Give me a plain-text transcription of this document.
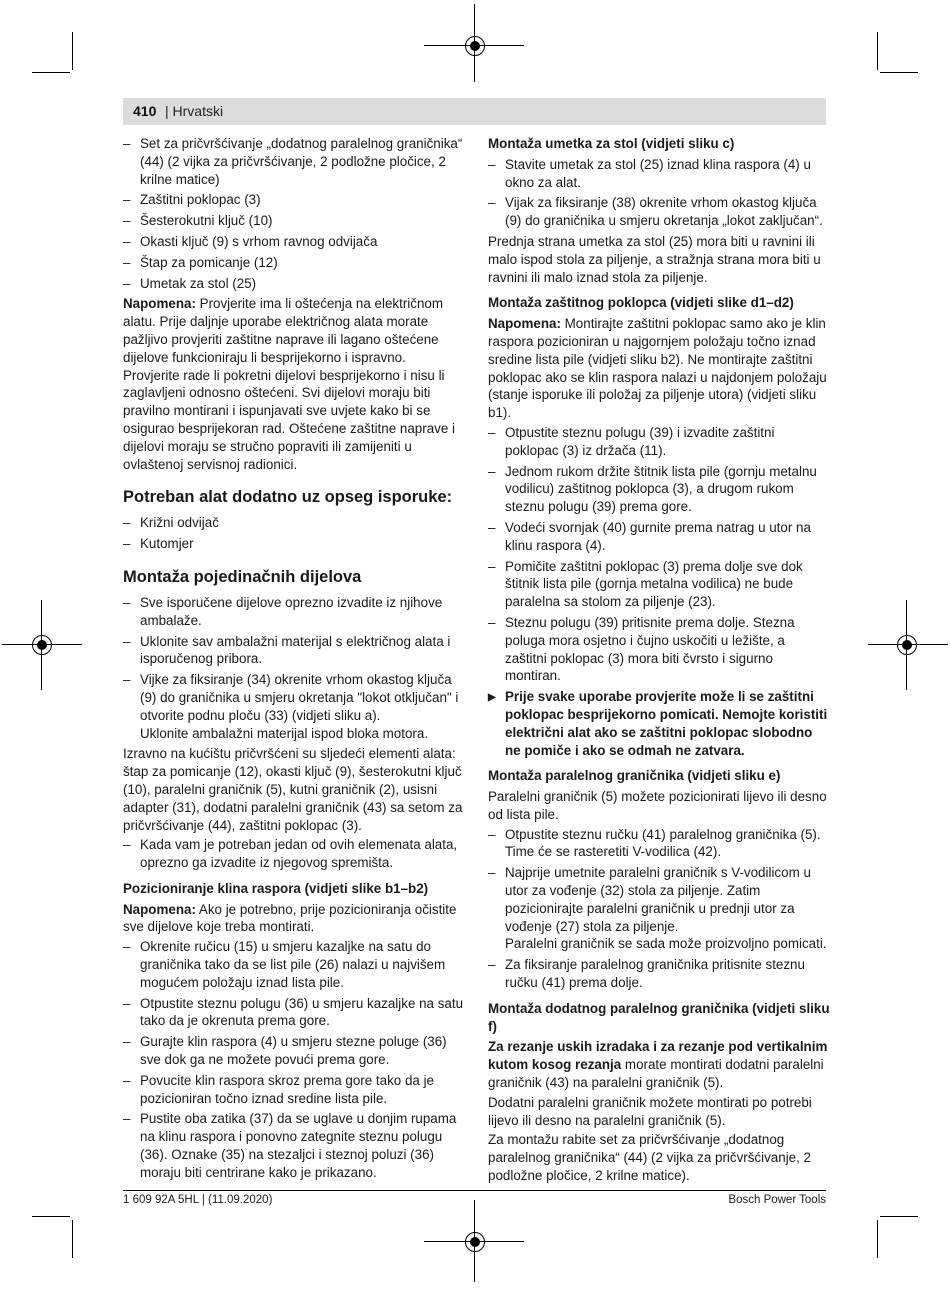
410 | Hrvatski
– Set za pričvršćivanje „dodatnog paralelnog graničnika“ (44) (2 vijka za pričvršćivanje, 2 podložne pločice, 2 krilne matice)
– Zaštitni poklopac (3)
– Šesterokutni ključ (10)
– Okasti ključ (9) s vrhom ravnog odvijača
– Štap za pomicanje (12)
– Umetak za stol (25)

Napomena: Provjerite ima li oštećenja na električnom alatu. Prije daljnje uporabe električnog alata morate pažljivo provjeriti zaštitne naprave ili lagano oštećene dijelove funkcioniraju li besprijekorno i ispravno. Provjerite rade li pokretni dijelovi besprijekorno i nisu li zaglavljeni odnosno oštećeni. Svi dijelovi moraju biti pravilno montirani i ispunjavati sve uvjete kako bi se osigurao besprijekoran rad. Oštećene zaštitne naprave i dijelovi moraju se stručno popraviti ili zamijeniti u ovlaštenoj servisnoj radionici.

Potreban alat dodatno uz opseg isporuke:
– Križni odvijač
– Kutomjer
Montaža pojedinačnih dijelova
– Sve isporučene dijelove oprezno izvadite iz njihove ambalaže.
– Uklonite sav ambalažni materijal s električnog alata i isporučenog pribora.
– Vijke za fiksiranje (34) okrenite vrhom okastog ključa (9) do graničnika u smjeru okretanja "lokot otključan" i otvorite podnu ploču (33) (vidjeti sliku a).
Uklonite ambalažni materijal ispod bloka motora.

Izravno na kućištu pričvršćeni su sljedeći elementi alata: štap za pomicanje (12), okasti ključ (9), šesterokutni ključ (10), paralelni graničnik (5), kutni graničnik (2), usisni adapter (31), dodatni paralelni graničnik (43) sa setom za pričvršćivanje (44), zaštitni poklopac (3).

– Kada vam je potreban jedan od ovih elemenata alata, oprezno ga izvadite iz njegovog spremišta.
Pozicioniranje klina raspora (vidjeti slike b1–b2)

Napomena: Ako je potrebno, prije pozicioniranja očistite sve dijelove koje treba montirati.

– Okrenite ručicu (15) u smjeru kazaljke na satu do graničnika tako da se list pile (26) nalazi u najvišem mogućem položaju iznad lista pile.
– Otpustite steznu polugu (36) u smjeru kazaljke na satu tako da je okrenuta prema gore.
– Gurajte klin raspora (4) u smjeru stezne poluge (36) sve dok ga ne možete povući prema gore.
– Povucite klin raspora skroz prema gore tako da je pozicioniran točno iznad sredine lista pile.
– Pustite oba zatika (37) da se uglave u donjim rupama na klinu raspora i ponovno zategnite steznu polugu (36). Oznake (35) na stezaljci i steznoj poluzi (36) moraju biti centrirane kako je prikazano.
Montaža umetka za stol (vidjeti sliku c)
– Stavite umetak za stol (25) iznad klina raspora (4) u okno za alat.
– Vijak za fiksiranje (38) okrenite vrhom okastog ključa (9) do graničnika u smjeru okretanja „lokot zaključan“.

Prednja strana umetka za stol (25) mora biti u ravnini ili malo ispod stola za piljenje, a stražnja strana mora biti u ravnini ili malo iznad stola za piljenje.

Montaža zaštitnog poklopca (vidjeti slike d1–d2)

Napomena: Montirajte zaštitni poklopac samo ako je klin raspora pozicioniran u najgornjem položaju točno iznad sredine lista pile (vidjeti sliku b2). Ne montirajte zaštitni poklopac ako se klin raspora nalazi u najdonjem položaju (stanje isporuke ili položaj za piljenje utora) (vidjeti sliku b1).

– Otpustite steznu polugu (39) i izvadite zaštitni poklopac (3) iz držača (11).
– Jednom rukom držite štitnik lista pile (gornju metalnu vodilicu) zaštitnog poklopca (3), a drugom rukom steznu polugu (39) prema gore.
– Vodeći svornjak (40) gurnite prema natrag u utor na klinu raspora (4).
– Pomičite zaštitni poklopac (3) prema dolje sve dok štitnik lista pile (gornja metalna vodilica) ne bude paralelna sa stolom za piljenje (23).
– Steznu polugu (39) pritisnite prema dolje. Stezna poluga mora osjetno i čujno uskočiti u ležište, a zaštitni poklopac (3) mora biti čvrsto i sigurno montiran.
▶ Prije svake uporabe provjerite može li se zaštitni poklopac besprijekorno pomicati. Nemojte koristiti električni alat ako se zaštitni poklopac slobodno ne pomiče i ako se odmah ne zatvara.
Montaža paralelnog graničnika (vidjeti sliku e)

Paralelni graničnik (5) možete pozicionirati lijevo ili desno od lista pile.

– Otpustite steznu ručku (41) paralelnog graničnika (5). Time će se rasteretiti V-vodilica (42).
– Najprije umetnite paralelni graničnik s V-vodilicom u utor za vođenje (32) stola za piljenje. Zatim pozicionirajte paralelni graničnik u prednji utor za vođenje (27) stola za piljenje.
Paralelni graničnik se sada može proizvoljno pomicati.
– Za fiksiranje paralelnog graničnika pritisnite steznu ručku (41) prema dolje.
Montaža dodatnog paralelnog graničnika (vidjeti sliku f)

Za rezanje uskih izradaka i za rezanje pod vertikalnim kutom kosog rezanja morate montirati dodatni paralelni graničnik (43) na paralelni graničnik (5).

Dodatni paralelni graničnik možete montirati po potrebi lijevo ili desno na paralelni graničnik (5).

Za montažu rabite set za pričvršćivanje „dodatnog paralelnog graničnika“ (44) (2 vijka za pričvršćivanje, 2 podložne pločice, 2 krilne matice).

1 609 92A 5HL | (11.09.2020)	Bosch Power Tools
